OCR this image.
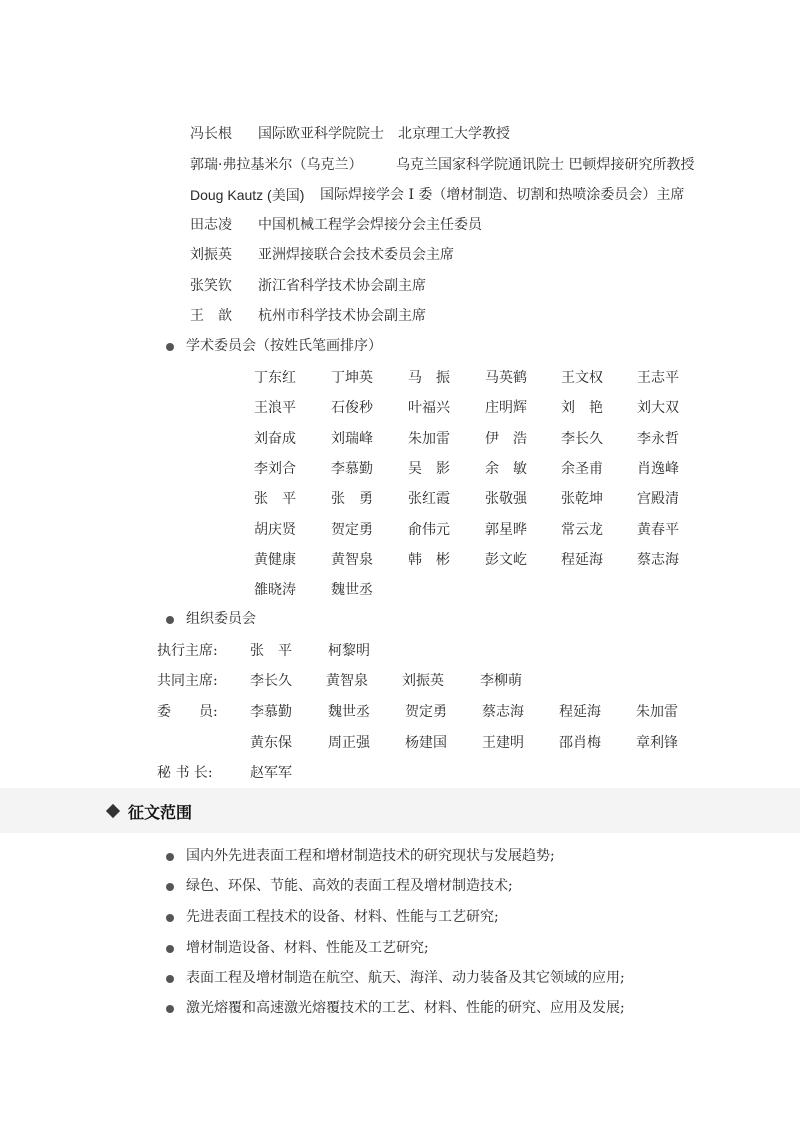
冯长根 国际欧亚科学院院士　北京理工大学教授
郭瑞·弗拉基米尔（乌克兰） 乌克兰国家科学院通讯院士 巴顿焊接研究所教授
Doug Kautz (美国) 国际焊接学会 I 委（增材制造、切割和热喷涂委员会）主席
田志凌 中国机械工程学会焊接分会主任委员
刘振英 亚洲焊接联合会技术委员会主席
张笑钦 浙江省科学技术协会副主席
王　歆 杭州市科学技术协会副主席
学术委员会（按姓氏笔画排序）
丁东红	丁坤英	马　振	马英鹤 王文权 王志平
王浪平	石俊秒	叶福兴	庄明辉 刘　艳 刘大双
刘奋成	刘瑞峰	朱加雷	伊　浩 李长久 李永哲
李刘合	李慕勤	吴　影	余　敏 余圣甫 肖逸峰
张　平	张　勇	张红霞	张敬强 张乾坤 宫殿清
胡庆贤	贺定勇	俞伟元	郭星晔 常云龙 黄春平
黄健康	黄智泉	韩　彬	彭文屹 程延海 蔡志海
雒晓涛	魏世丞
组织委员会
执行主席: 张　平	柯黎明
共同主席: 李长久 黄智泉 刘振英	李柳萌
委　　员: 李慕勤	魏世丞	贺定勇	蔡志海	程延海	朱加雷
黄东保	周正强	杨建国	王建明	邵肖梅	章利锋
秘 书 长:	赵军军
征文范围
国内外先进表面工程和增材制造技术的研究现状与发展趋势;
绿色、环保、节能、高效的表面工程及增材制造技术;
先进表面工程技术的设备、材料、性能与工艺研究;
增材制造设备、材料、性能及工艺研究;
表面工程及增材制造在航空、航天、海洋、动力装备及其它领域的应用;
激光熔覆和高速激光熔覆技术的工艺、材料、性能的研究、应用及发展;
